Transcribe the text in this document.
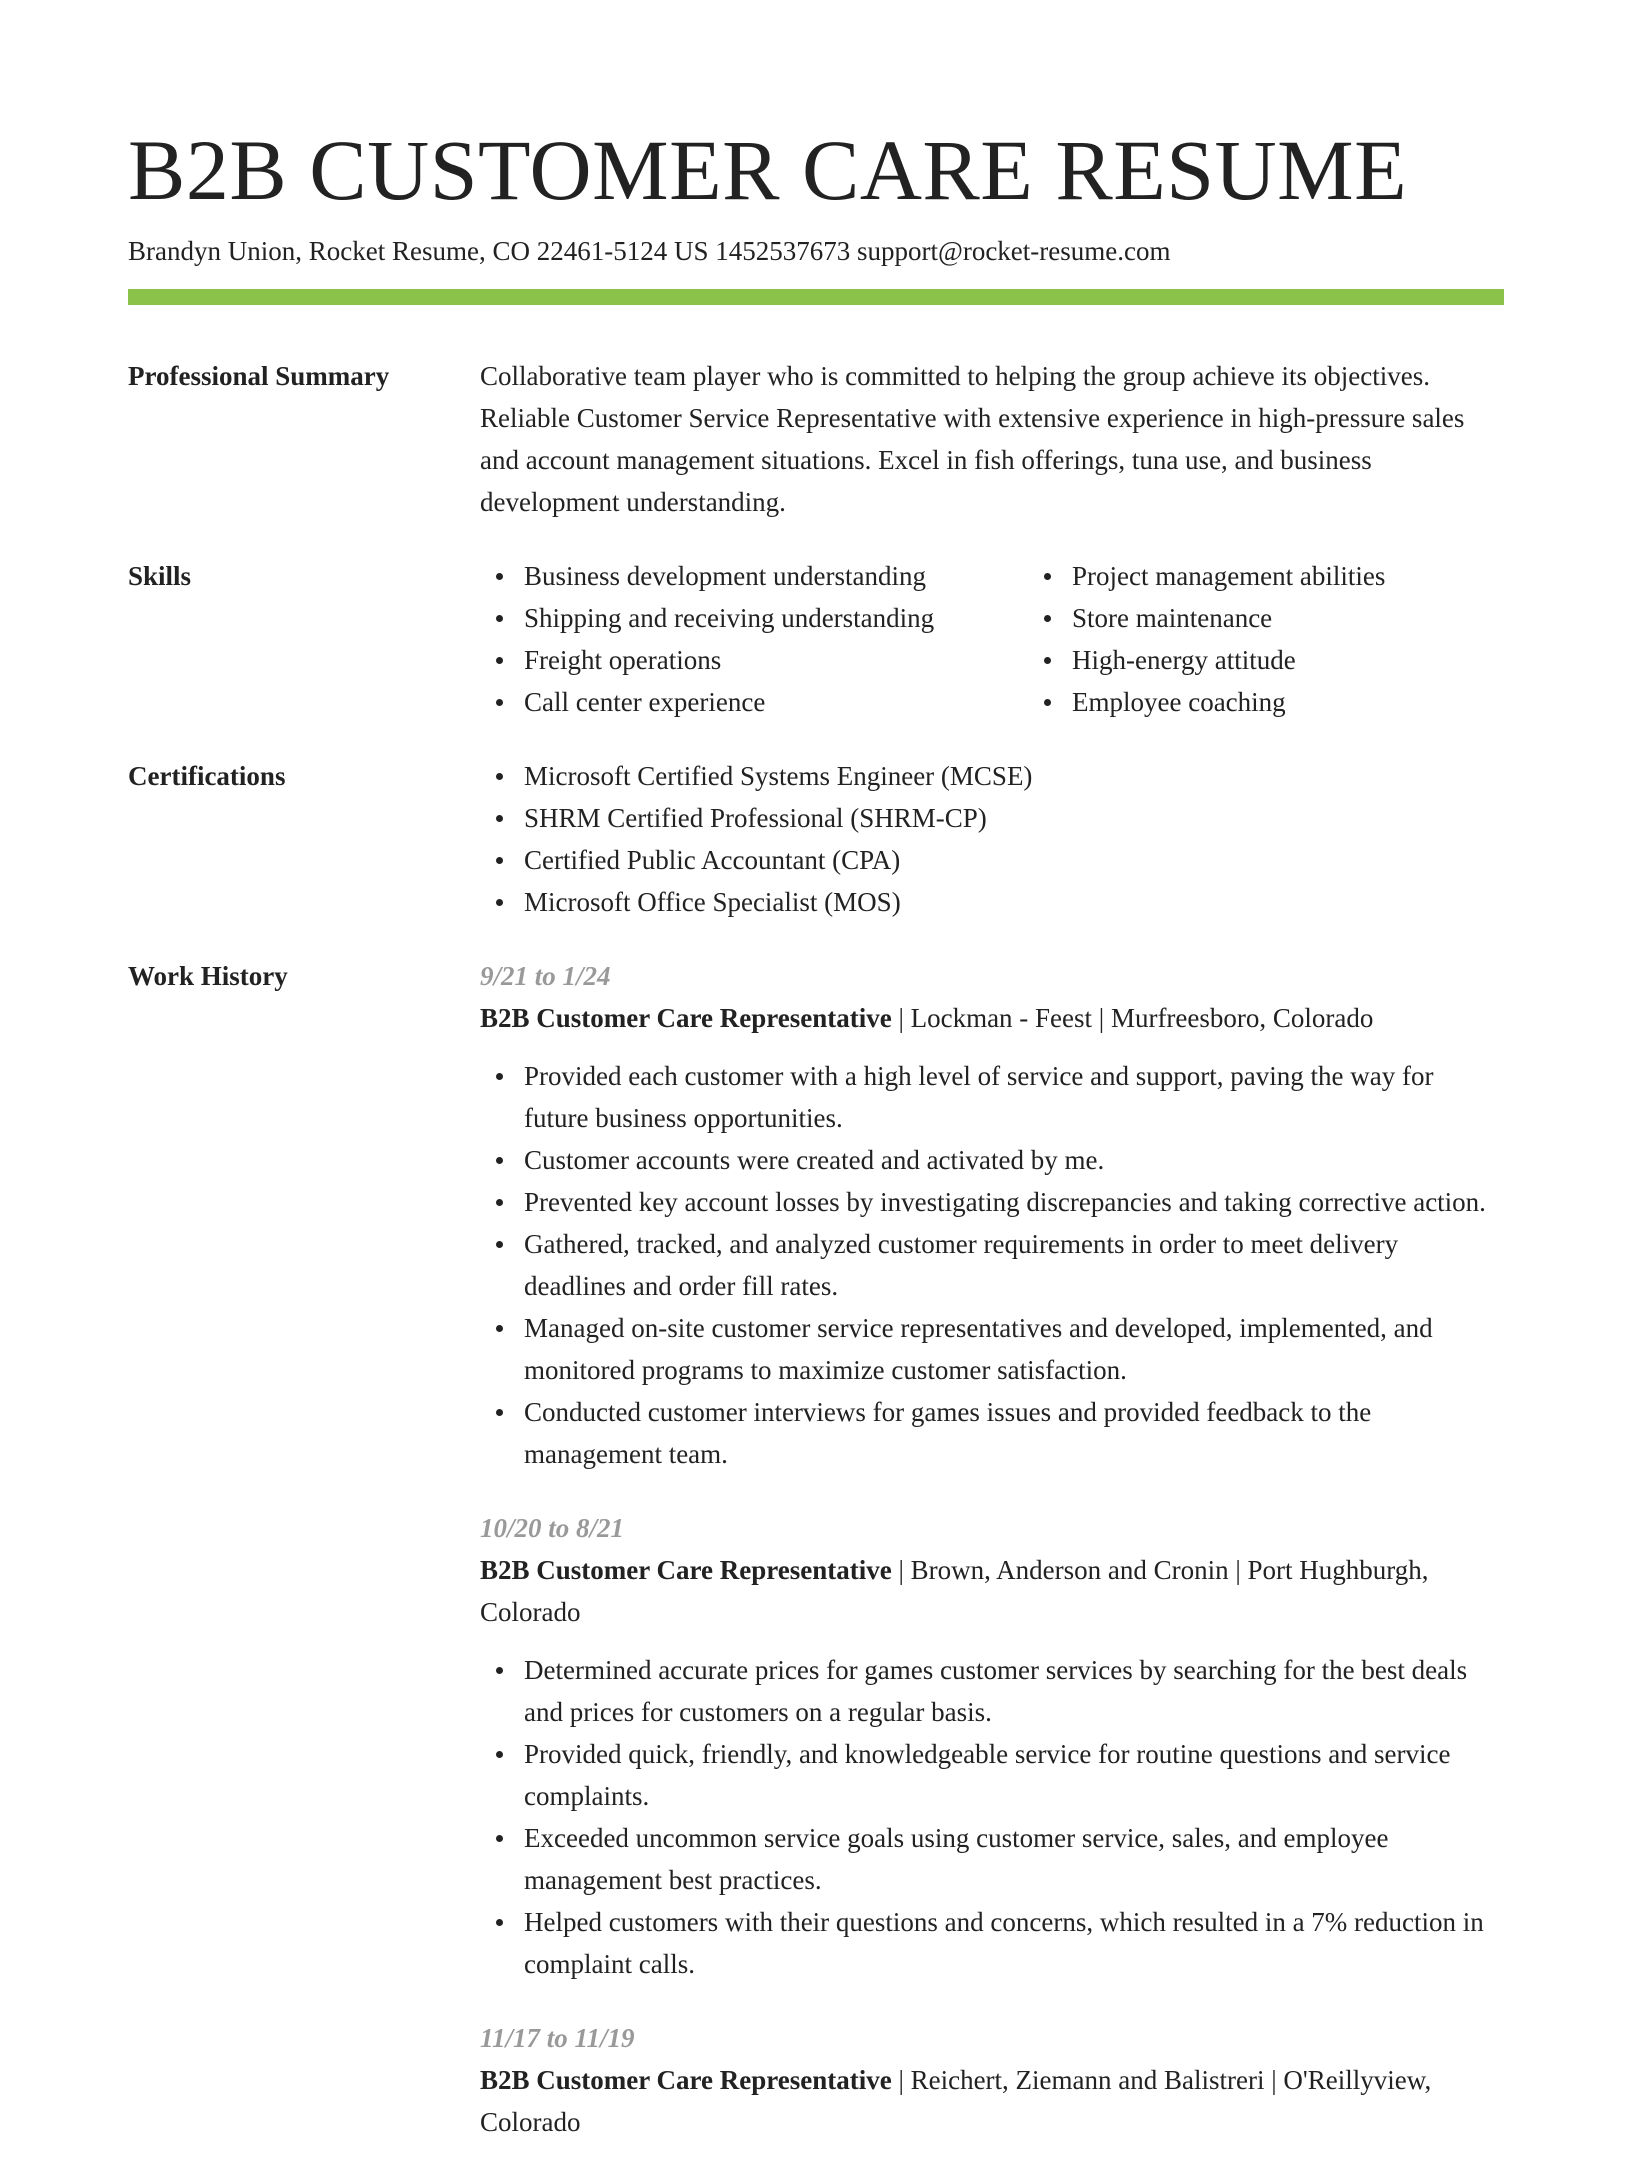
B2B CUSTOMER CARE RESUME
Brandyn Union, Rocket Resume, CO 22461-5124 US 1452537673 support@rocket-resume.com
Professional Summary	Collaborative team player who is committed to helping the group achieve its objectives. Reliable Customer Service Representative with extensive experience in high-pressure sales and account management situations. Excel in fish offerings, tuna use, and business development understanding.

Skills	Business development understanding
Shipping and receiving understanding
Freight operations
Call center experience
Project management abilities
Store maintenance
High-energy attitude
Employee coaching
Certifications	Microsoft Certified Systems Engineer (MCSE)
SHRM Certified Professional (SHRM-CP)
Certified Public Accountant (CPA)
Microsoft Office Specialist (MOS)
Work History	9/21 to 1/24

B2B Customer Care Representative | Lockman - Feest | Murfreesboro, Colorado

Provided each customer with a high level of service and support, paving the way for future business opportunities.
Customer accounts were created and activated by me.
Prevented key account losses by investigating discrepancies and taking corrective action.
Gathered, tracked, and analyzed customer requirements in order to meet delivery deadlines and order fill rates.
Managed on-site customer service representatives and developed, implemented, and monitored programs to maximize customer satisfaction.
Conducted customer interviews for games issues and provided feedback to the management team.
10/20 to 8/21

B2B Customer Care Representative | Brown, Anderson and Cronin | Port Hughburgh, Colorado

Determined accurate prices for games customer services by searching for the best deals and prices for customers on a regular basis.
Provided quick, friendly, and knowledgeable service for routine questions and service complaints.
Exceeded uncommon service goals using customer service, sales, and employee management best practices.
Helped customers with their questions and concerns, which resulted in a 7% reduction in complaint calls.
11/17 to 11/19

B2B Customer Care Representative | Reichert, Ziemann and Balistreri | O'Reillyview, Colorado
